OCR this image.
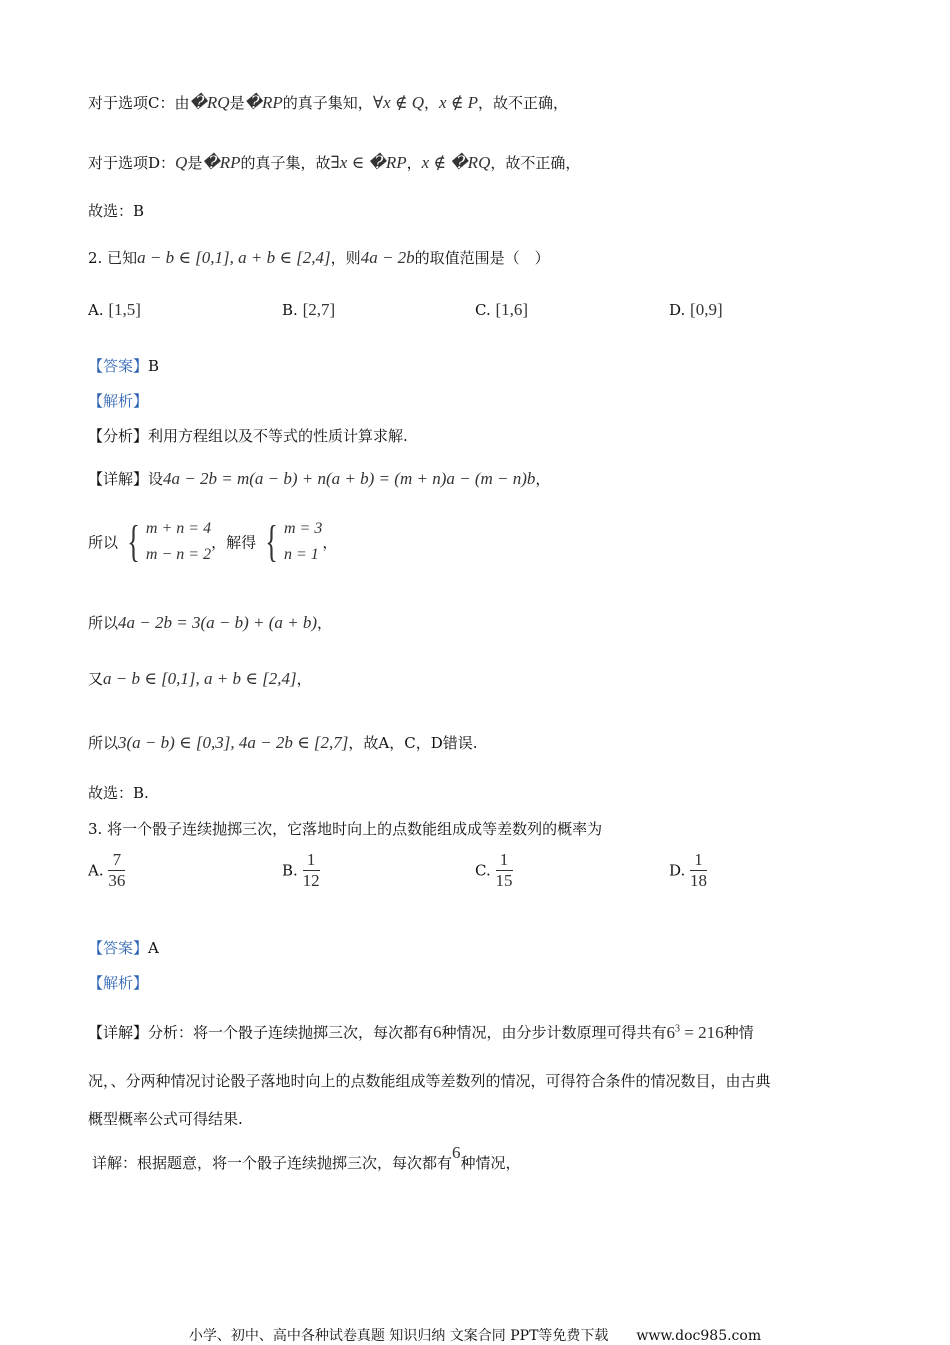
对于选项C：由�RQ是�RP的真子集知，∀x ∉ Q，x ∉ P，故不正确，
对于选项D：Q是�RP的真子集，故∃x ∈ �RP，x ∉ �RQ，故不正确，
故选：B
2. 已知a − b ∈ [0,1], a + b ∈ [2,4]，则4a − 2b的取值范围是（　）
A. [1,5]	B. [2,7]	C. [1,6]	D. [0,9]
【答案】B
【解析】
【分析】利用方程组以及不等式的性质计算求解.
【详解】设4a − 2b = m(a − b) + n(a + b) = (m + n)a − (m − n)b，
所以 { m + n = 4
m − n = 2
，解得 { m = 3
n = 1
，
所以4a − 2b = 3(a − b) + (a + b)，
又a − b ∈ [0,1], a + b ∈ [2,4]，
所以3(a − b) ∈ [0,3], 4a − 2b ∈ [2,7]，故A，C，D错误.
故选：B.
3. 将一个骰子连续抛掷三次，它落地时向上的点数能组成成等差数列的概率为
A. $\frac{7}{36}$	B. $\frac{1}{12}$	C. $\frac{1}{15}$	D. $\frac{1}{18}$
【答案】A
【解析】
【详解】分析：将一个骰子连续抛掷三次，每次都有6种情况，由分步计数原理可得共有$6^3 = 216$种情
况，、分两种情况讨论骰子落地时向上的点数能组成等差数列的情况，可得符合条件的情况数目，由古典
概型概率公式可得结果.
详解：根据题意，将一个骰子连续抛掷三次，每次都有6种情况，
小学、初中、高中各种试卷真题 知识归纳 文案合同 PPT等免费下载　　www.doc985.com
